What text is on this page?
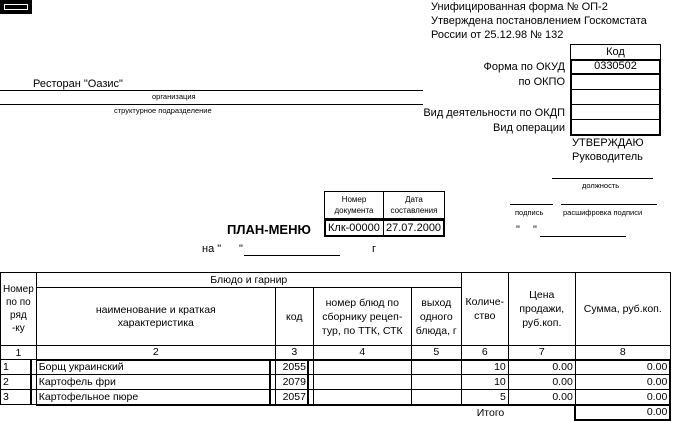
Унифицированная форма № ОП-2
Утверждена постановлением Госкомстата
России от 25.12.98 № 132
Код
0330502
Форма по ОКУД
по ОКПО
Вид деятельности по ОКДП
Вид операции
Ресторан "Оазис"
организация
структурное подразделение
УТВЕРЖДАЮ
Руководитель
должность
подпись	расшифровка подписи
" "
Номер документа
Дата составления
Клк-00000 27.07.2000
ПЛАН-МЕНЮ
на " "	г
Номер по по ряд -ку	Блюдо и гарнир				Количе- ство	Цена продажи, руб.коп.	Сумма, руб.коп.
	наименование и краткая характеристика	код	номер блюд по сборнику рецеп- тур, по ТТК, СТК	выход одного блюда, г			
1	2	3	4	5	6	7	8
1	Борщ украинский	2055			10	0.00	0.00
2	Картофель фри	2079			10	0.00	0.00
3	Картофельное пюре	2057			5	0.00	0.00
					Итого		0.00
